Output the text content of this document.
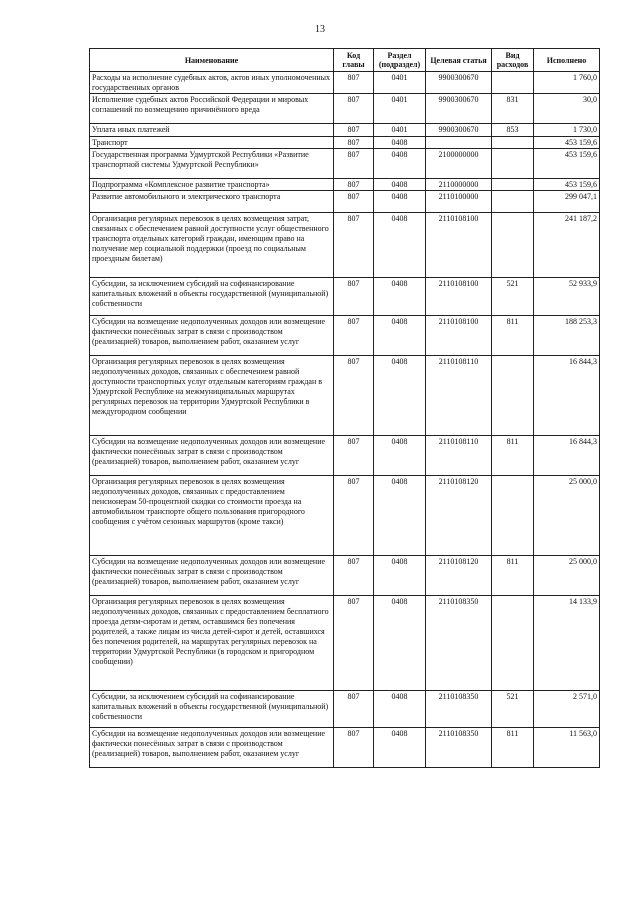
13
Наименование	Код главы	Раздел (подраздел)	Целевая статья	Вид расходов	Исполнено
Расходы на исполнение судебных актов, актов иных уполномоченных государственных органов	807	0401	9900300670		1 760,0
Исполнение судебных актов Российской Федерации и мировых соглашений по возмещению причинённого вреда	807	0401	9900300670	831	30,0
Уплата иных платежей	807	0401	9900300670	853	1 730,0
Транспорт	807	0408			453 159,6
Государственная программа Удмуртской Республики «Развитие транспортной системы Удмуртской Республики»	807	0408	2100000000		453 159,6
Подпрограмма «Комплексное развитие транспорта»	807	0408	2110000000		453 159,6
Развитие автомобильного и электрического транспорта	807	0408	2110100000		299 047,1
Организация регулярных перевозок в целях возмещения затрат, связанных с обеспечением равной доступности услуг общественного транспорта отдельных категорий граждан, имеющим право на получение мер социальной поддержки (проезд по социальным проездным билетам)	807	0408	2110108100		241 187,2
Субсидии, за исключением субсидий на софинансирование капитальных вложений в объекты государственной (муниципальной) собственности	807	0408	2110108100	521	52 933,9
Субсидии на возмещение недополученных доходов или возмещение фактически понесённых затрат в связи с производством (реализацией) товаров, выполнением работ, оказанием услуг	807	0408	2110108100	811	188 253,3
Организация регулярных перевозок в целях возмещения недополученных доходов, связанных с обеспечением равной доступности транспортных услуг отдельным категориям граждан в Удмуртской Республике на межмуниципальных маршрутах регулярных перевозок на территории Удмуртской Республики в междугородном сообщении	807	0408	2110108110		16 844,3
Субсидии на возмещение недополученных доходов или возмещение фактически понесённых затрат в связи с производством (реализацией) товаров, выполнением работ, оказанием услуг	807	0408	2110108110	811	16 844,3
Организация регулярных перевозок в целях возмещения недополученных доходов, связанных с предоставлением пенсионерам 50-процентной скидки со стоимости проезда на автомобильном транспорте общего пользования пригородного сообщения с учётом сезонных маршрутов (кроме такси)	807	0408	2110108120		25 000,0
Субсидии на возмещение недополученных доходов или возмещение фактически понесённых затрат в связи с производством (реализацией) товаров, выполнением работ, оказанием услуг	807	0408	2110108120	811	25 000,0
Организация регулярных перевозок в целях возмещения недополученных доходов, связанных с предоставлением бесплатного проезда детям-сиротам и детям, оставшимся без попечения родителей, а также лицам из числа детей-сирот и детей, оставшихся без попечения родителей, на маршрутах регулярных перевозок на территории Удмуртской Республики (в городском и пригородном сообщении)	807	0408	2110108350		14 133,9
Субсидии, за исключением субсидий на софинансирование капитальных вложений в объекты государственной (муниципальной) собственности	807	0408	2110108350	521	2 571,0
Субсидии на возмещение недополученных доходов или возмещение фактически понесённых затрат в связи с производством (реализацией) товаров, выполнением работ, оказанием услуг	807	0408	2110108350	811	11 563,0
